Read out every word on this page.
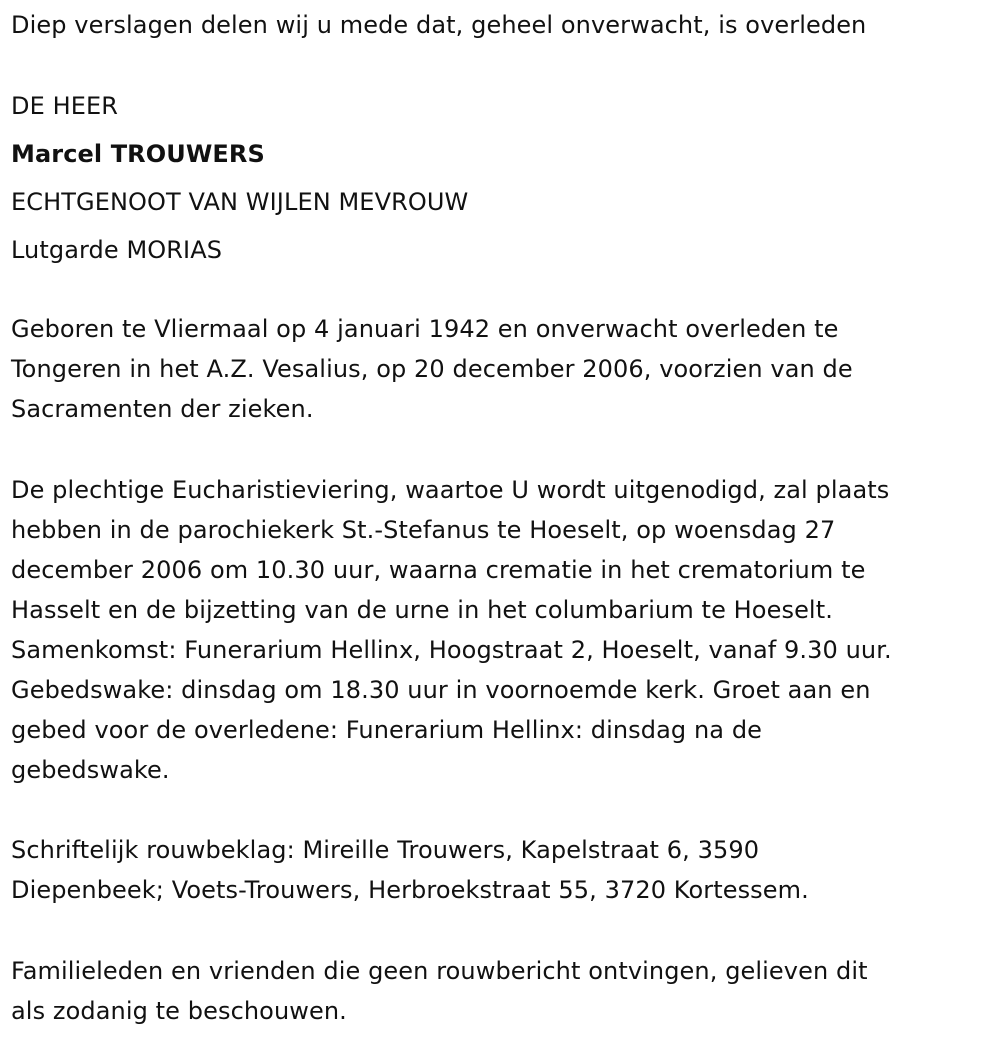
Diep verslagen delen wij u mede dat, geheel onverwacht, is overleden
DE HEER
Marcel TROUWERS
ECHTGENOOT VAN WIJLEN MEVROUW
Lutgarde MORIAS
Geboren te Vliermaal op 4 januari 1942 en onverwacht overleden te
Tongeren in het A.Z. Vesalius, op 20 december 2006, voorzien van de
Sacramenten der zieken.
De plechtige Eucharistieviering, waartoe U wordt uitgenodigd, zal plaats
hebben in de parochiekerk St.-Stefanus te Hoeselt, op woensdag 27
december 2006 om 10.30 uur, waarna crematie in het crematorium te
Hasselt en de bijzetting van de urne in het columbarium te Hoeselt.
Samenkomst: Funerarium Hellinx, Hoogstraat 2, Hoeselt, vanaf 9.30 uur.
Gebedswake: dinsdag om 18.30 uur in voornoemde kerk. Groet aan en
gebed voor de overledene: Funerarium Hellinx: dinsdag na de
gebedswake.
Schriftelijk rouwbeklag: Mireille Trouwers, Kapelstraat 6, 3590
Diepenbeek; Voets-Trouwers, Herbroekstraat 55, 3720 Kortessem.
Familieleden en vrienden die geen rouwbericht ontvingen, gelieven dit
als zodanig te beschouwen.
